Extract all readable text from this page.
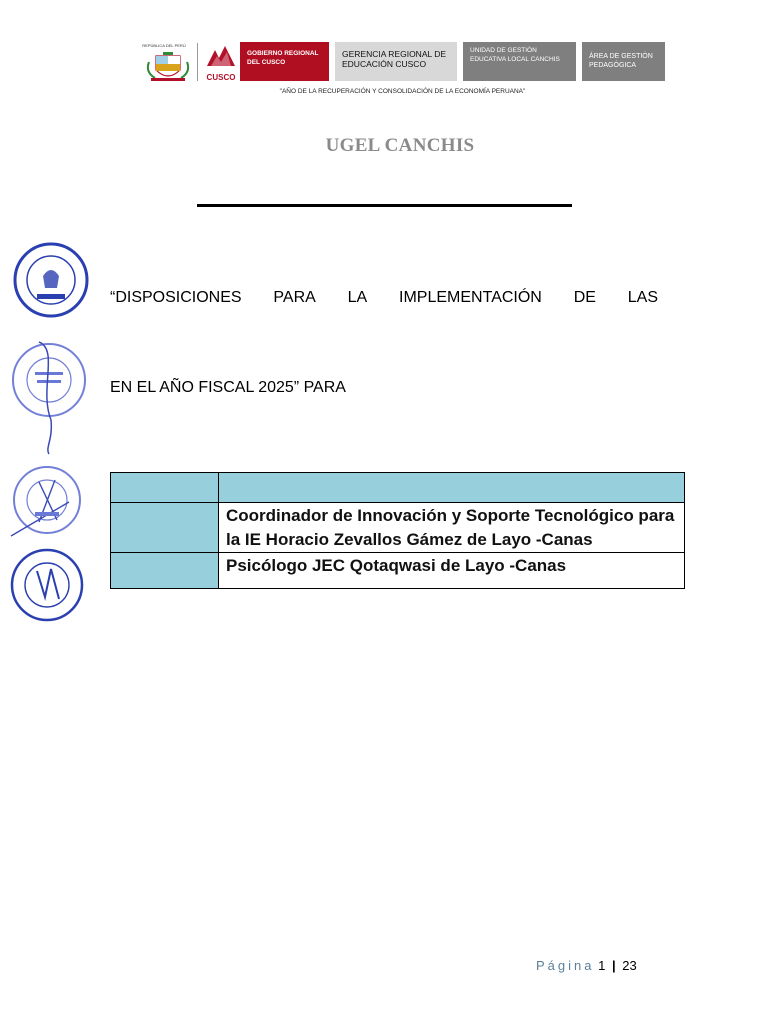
REPÚBLICA DEL PERÚ
CUSCO
GOBIERNO REGIONAL DEL CUSCO
GERENCIA REGIONAL DE EDUCACIÓN CUSCO
UNIDAD DE GESTIÓN EDUCATIVA LOCAL CANCHIS	ÁREA DE GESTIÓN PEDAGÓGICA
"AÑO DE LA RECUPERACIÓN Y CONSOLIDACIÓN DE LA ECONOMÍA PERUANA"
UGEL CANCHIS
“DISPOSICIONES PARA LA IMPLEMENTACIÓN DE LAS
EN EL AÑO FISCAL 2025” PARA

	Coordinador de Innovación y Soporte Tecnológico para la IE Horacio Zevallos Gámez de Layo -Canas
	Psicólogo JEC Qotaqwasi de Layo -Canas
Página 1 | 23
